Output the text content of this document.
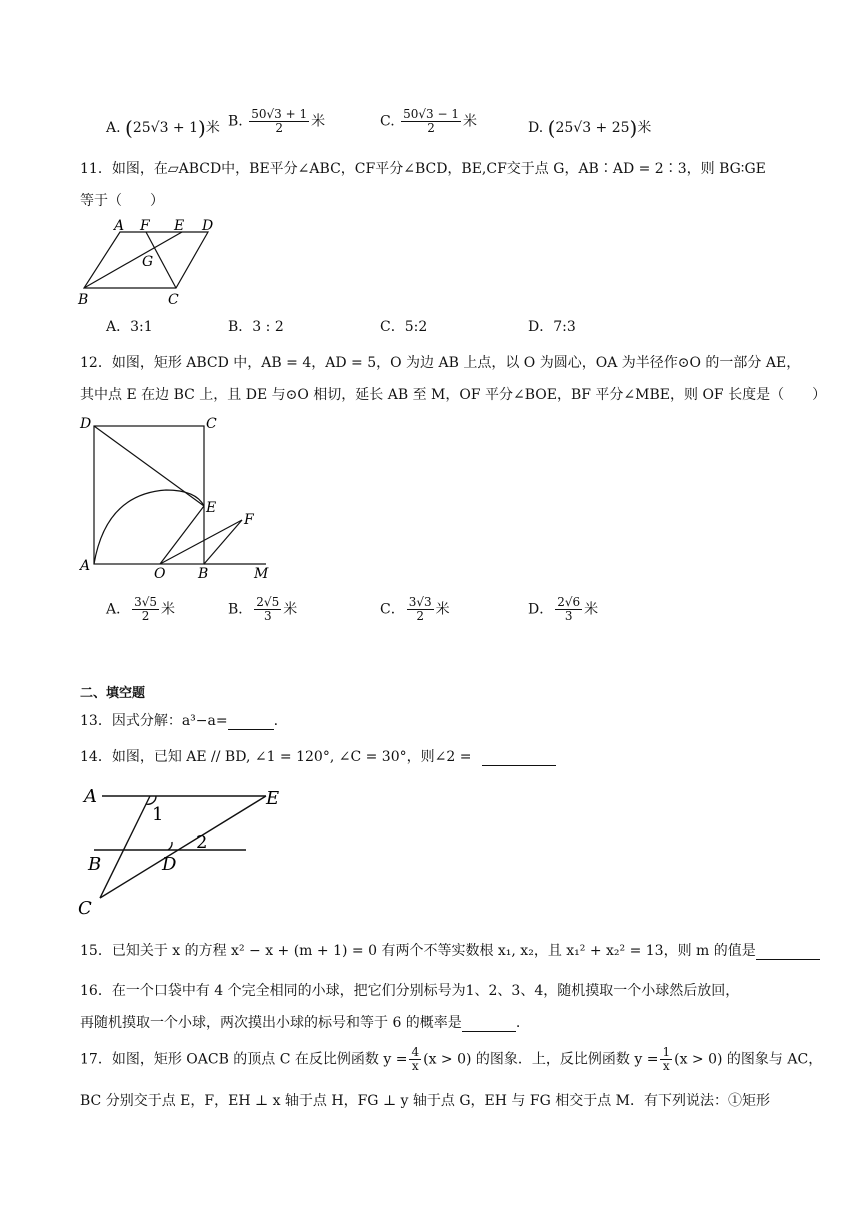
A. (25√3 + 1)米 B. $\frac{50√3 + 1}{2}$ 米	C. $\frac{50√3 - 1}{2}$ 米	D. (25√3 + 25)米
11．如图，在▱ABCD中，BE平分∠ABC，CF平分∠BCD，BE,CF交于点 G，AB∶AD = 2∶3，则 BG∶GE
等于（　　）
A F E D
G
B	C
A．3:1	B．3 : 2	C．5:2	D．7:3
12．如图，矩形 ABCD 中，AB = 4，AD = 5，O 为边 AB 上点，以 O 为圆心，OA 为半径作⊙O 的一部分 AE，
其中点 E 在边 BC 上，且 DE 与⊙O 相切，延长 AB 至 M，OF 平分∠BOE，BF 平分∠MBE，则 OF 长度是（　　）
D	C
E
F
A	O B	M
A． $\frac{3√5}{2}$ 米	B． $\frac{2√5}{3}$ 米	C． $\frac{3√3}{2}$ 米	D． $\frac{2√6}{3}$ 米
二、填空题
13．因式分解：a³−a=	.
14．如图，已知 AE // BD, ∠1 = 120°, ∠C = 30°，则∠2 =
A	E
1
2
B	D
C
15．已知关于 x 的方程 x² − x + (m + 1) = 0 有两个不等实数根 x₁, x₂，且 x₁² + x₂² = 13，则 m 的值是
16．在一个口袋中有 4 个完全相同的小球，把它们分别标号为1、2、3、4，随机摸取一个小球然后放回，
再随机摸取一个小球，两次摸出小球的标号和等于 6 的概率是	.
17．如图，矩形 OACB 的顶点 C 在反比例函数 $y = \frac{4}{x} (x > 0)$ 的图象．上，反比例函数 $y = \frac{1}{x} (x > 0)$ 的图象与 AC，
BC 分别交于点 E，F，EH ⊥ x 轴于点 H，FG ⊥ y 轴于点 G，EH 与 FG 相交于点 M．有下列说法：①矩形
